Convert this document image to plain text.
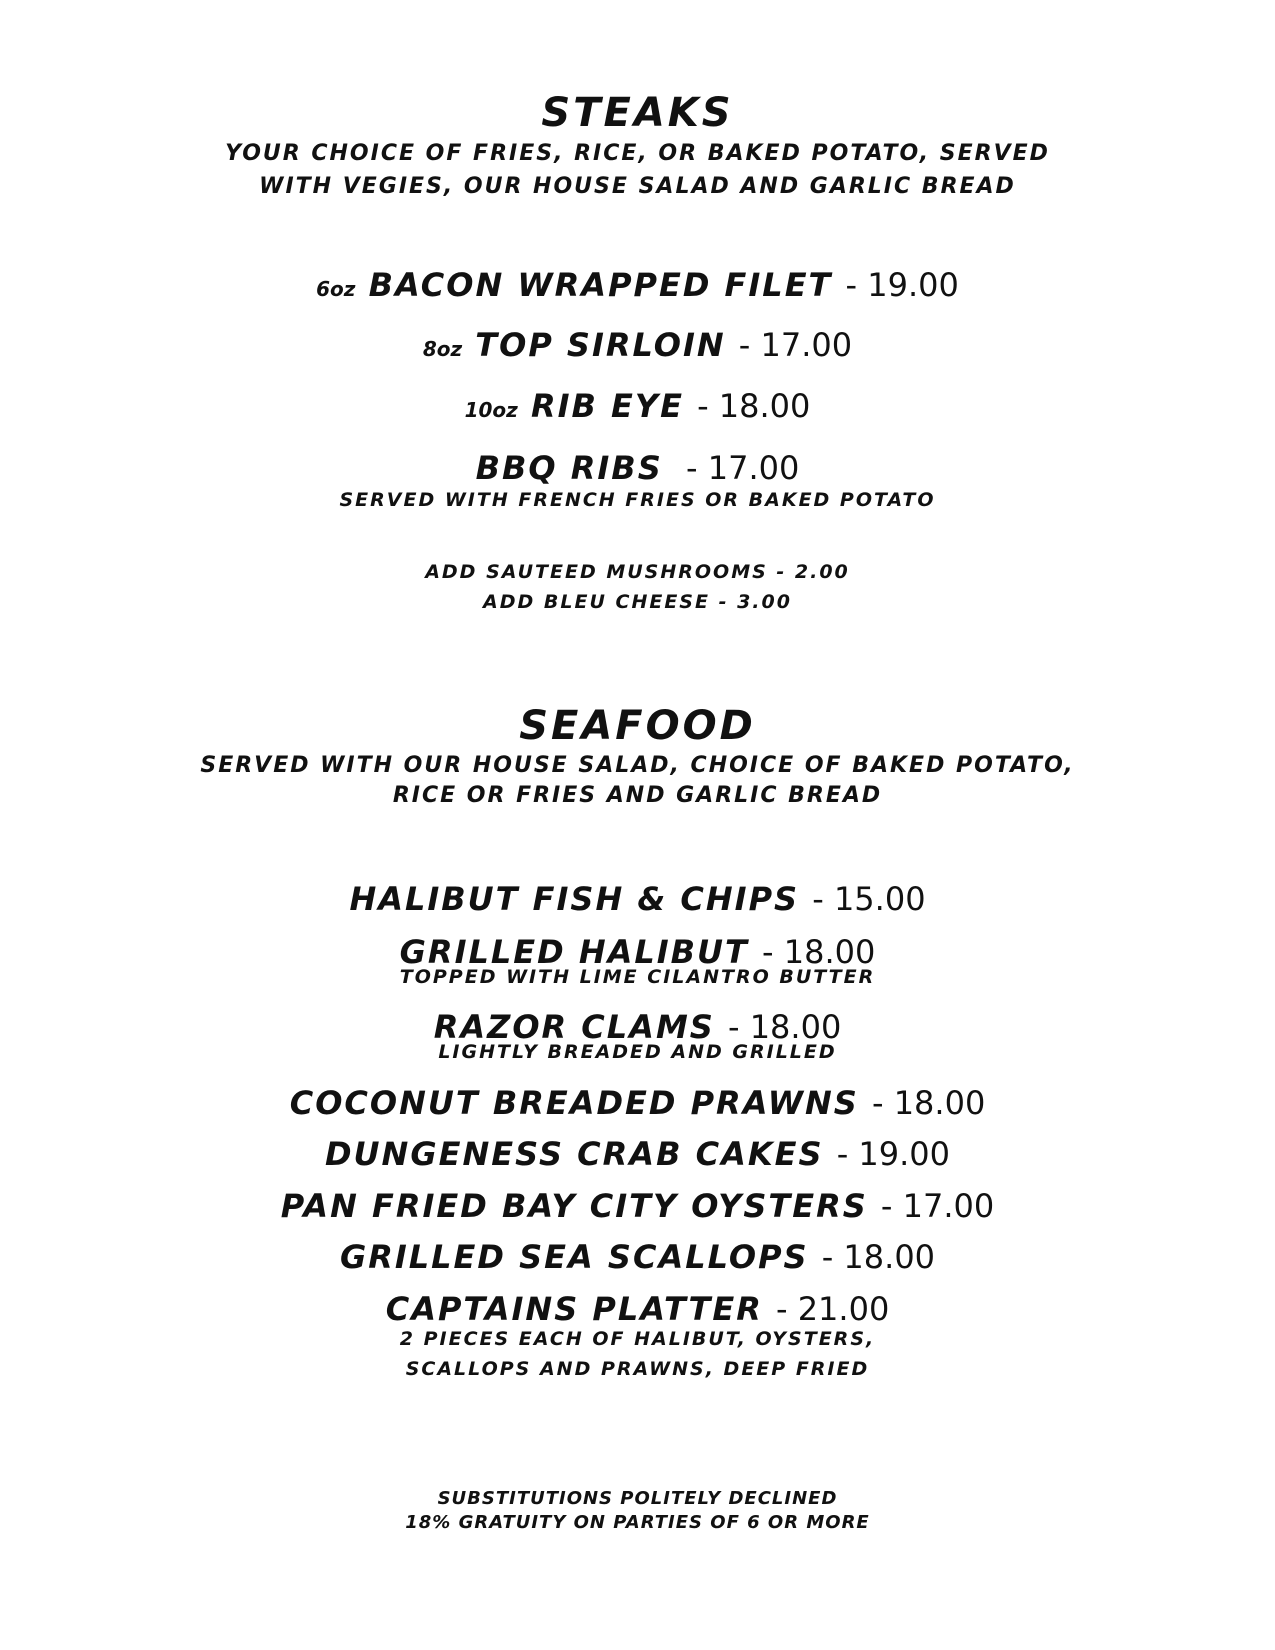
STEAKS
YOUR CHOICE OF FRIES, RICE, OR BAKED POTATO, SERVED
WITH VEGIES, OUR HOUSE SALAD AND GARLIC BREAD
6oz BACON WRAPPED FILET - 19.00
8oz TOP SIRLOIN - 17.00
10oz RIB EYE - 18.00
BBQ RIBS  - 17.00
SERVED WITH FRENCH FRIES OR BAKED POTATO
ADD SAUTEED MUSHROOMS - 2.00
ADD BLEU CHEESE - 3.00
SEAFOOD
SERVED WITH OUR HOUSE SALAD, CHOICE OF BAKED POTATO,
RICE OR FRIES AND GARLIC BREAD
HALIBUT FISH & CHIPS - 15.00
GRILLED HALIBUT - 18.00
TOPPED WITH LIME CILANTRO BUTTER
RAZOR CLAMS - 18.00
LIGHTLY BREADED AND GRILLED
COCONUT BREADED PRAWNS - 18.00
DUNGENESS CRAB CAKES - 19.00
PAN FRIED BAY CITY OYSTERS - 17.00
GRILLED SEA SCALLOPS - 18.00
CAPTAINS PLATTER - 21.00
2 PIECES EACH OF HALIBUT, OYSTERS,
SCALLOPS AND PRAWNS, DEEP FRIED
SUBSTITUTIONS POLITELY DECLINED
18% GRATUITY ON PARTIES OF 6 OR MORE
